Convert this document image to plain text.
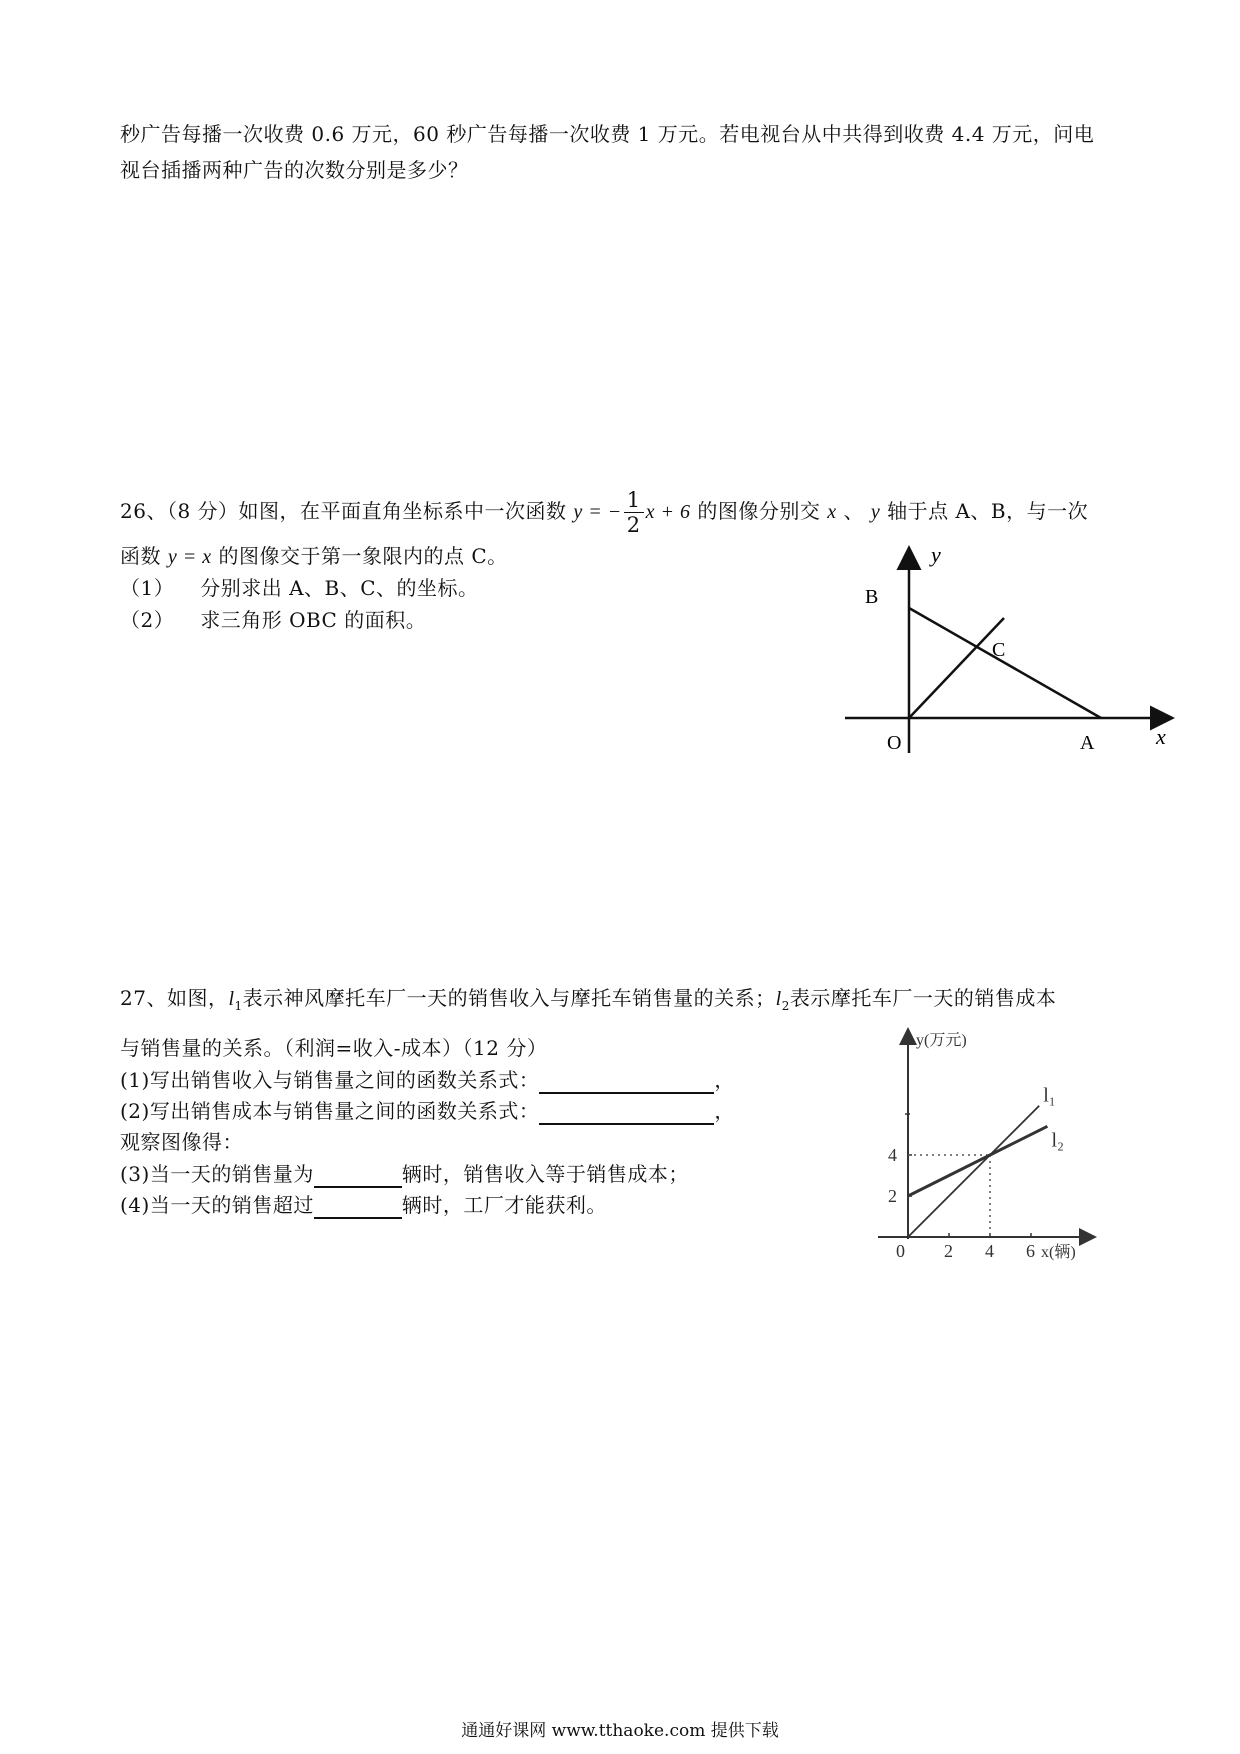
秒广告每播一次收费 0.6 万元，60 秒广告每播一次收费 1 万元。若电视台从中共得到收费 4.4 万元，问电
视台插播两种广告的次数分别是多少？
26、（8 分）如图，在平面直角坐标系中一次函数 y = − $\frac{1}{2}$ x + 6 的图像分别交 x 、 y 轴于点 A、B，与一次
函数 y = x 的图像交于第一象限内的点 C。
（1） 分别求出 A、B、C、的坐标。
（2） 求三角形 OBC 的面积。
y
B
C
O	A	x
27、如图，$l_1$表示神风摩托车厂一天的销售收入与摩托车销售量的关系；$l_2$表示摩托车厂一天的销售成本
与销售量的关系。（利润=收入-成本）（12 分）
(1)写出销售收入与销售量之间的函数关系式：	，
(2)写出销售成本与销售量之间的函数关系式：	，
观察图像得：
(3)当一天的销售量为	辆时，销售收入等于销售成本；
(4)当一天的销售超过	辆时，工厂才能获利。
0 2 4 6
2
4
y(万元)
x(辆)
l₁
l₂
通通好课网 www.tthaoke.com 提供下载
